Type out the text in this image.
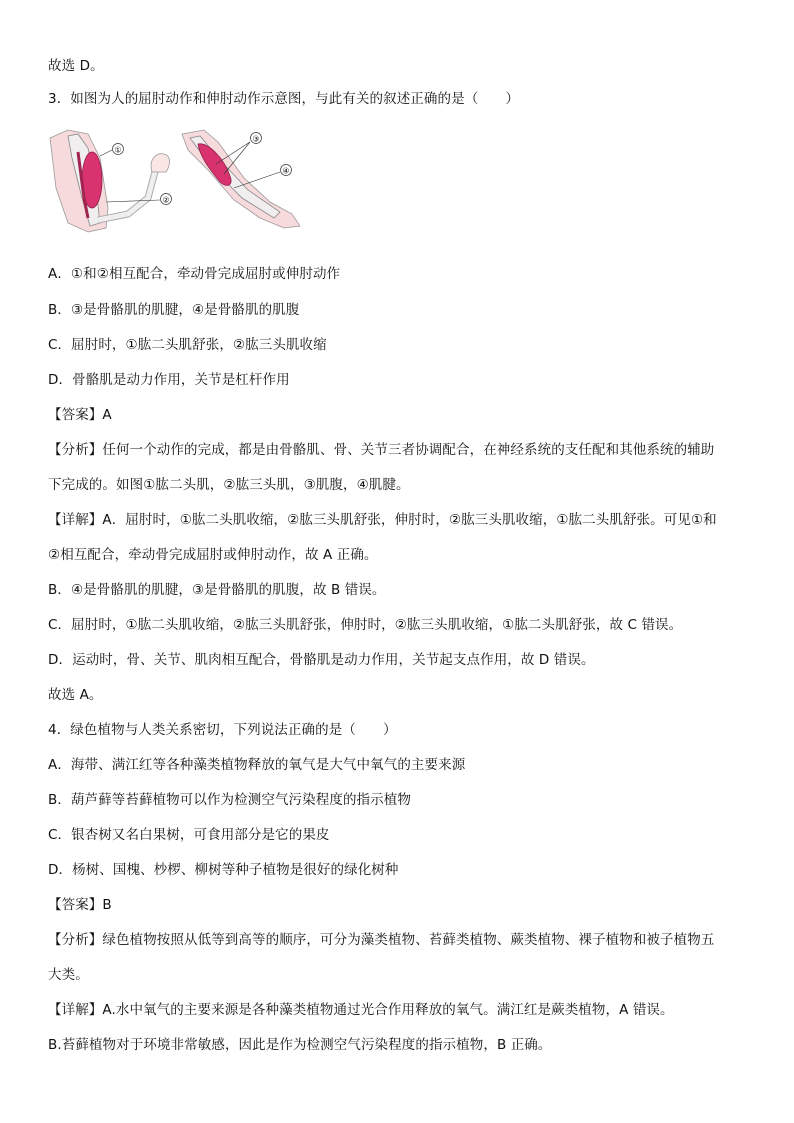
故选 D。
3．如图为人的屈肘动作和伸肘动作示意图，与此有关的叙述正确的是（　　）
①
②
③
④
A．①和②相互配合，牵动骨完成屈肘或伸肘动作
B．③是骨骼肌的肌腱，④是骨骼肌的肌腹
C．屈肘时，①肱二头肌舒张，②肱三头肌收缩
D．骨骼肌是动力作用，关节是杠杆作用
【答案】A
【分析】任何一个动作的完成，都是由骨骼肌、骨、关节三者协调配合，在神经系统的支任配和其他系统的辅助
下完成的。如图①肱二头肌，②肱三头肌，③肌腹，④肌腱。
【详解】A．屈肘时，①肱二头肌收缩，②肱三头肌舒张，伸肘时，②肱三头肌收缩，①肱二头肌舒张。可见①和
②相互配合，牵动骨完成屈肘或伸肘动作，故 A 正确。
B．④是骨骼肌的肌腱，③是骨骼肌的肌腹，故 B 错误。
C．屈肘时，①肱二头肌收缩，②肱三头肌舒张，伸肘时，②肱三头肌收缩，①肱二头肌舒张，故 C 错误。
D．运动时，骨、关节、肌肉相互配合，骨骼肌是动力作用，关节起支点作用，故 D 错误。
故选 A。
4．绿色植物与人类关系密切，下列说法正确的是（　　）
A．海带、满江红等各种藻类植物释放的氧气是大气中氧气的主要来源
B．葫芦藓等苔藓植物可以作为检测空气污染程度的指示植物
C．银杏树又名白果树，可食用部分是它的果皮
D．杨树、国槐、杪椤、柳树等种子植物是很好的绿化树种
【答案】B
【分析】绿色植物按照从低等到高等的顺序，可分为藻类植物、苔藓类植物、蕨类植物、裸子植物和被子植物五
大类。
【详解】A.水中氧气的主要来源是各种藻类植物通过光合作用释放的氧气。满江红是蕨类植物，A 错误。
B.苔藓植物对于环境非常敏感，因此是作为检测空气污染程度的指示植物，B 正确。
